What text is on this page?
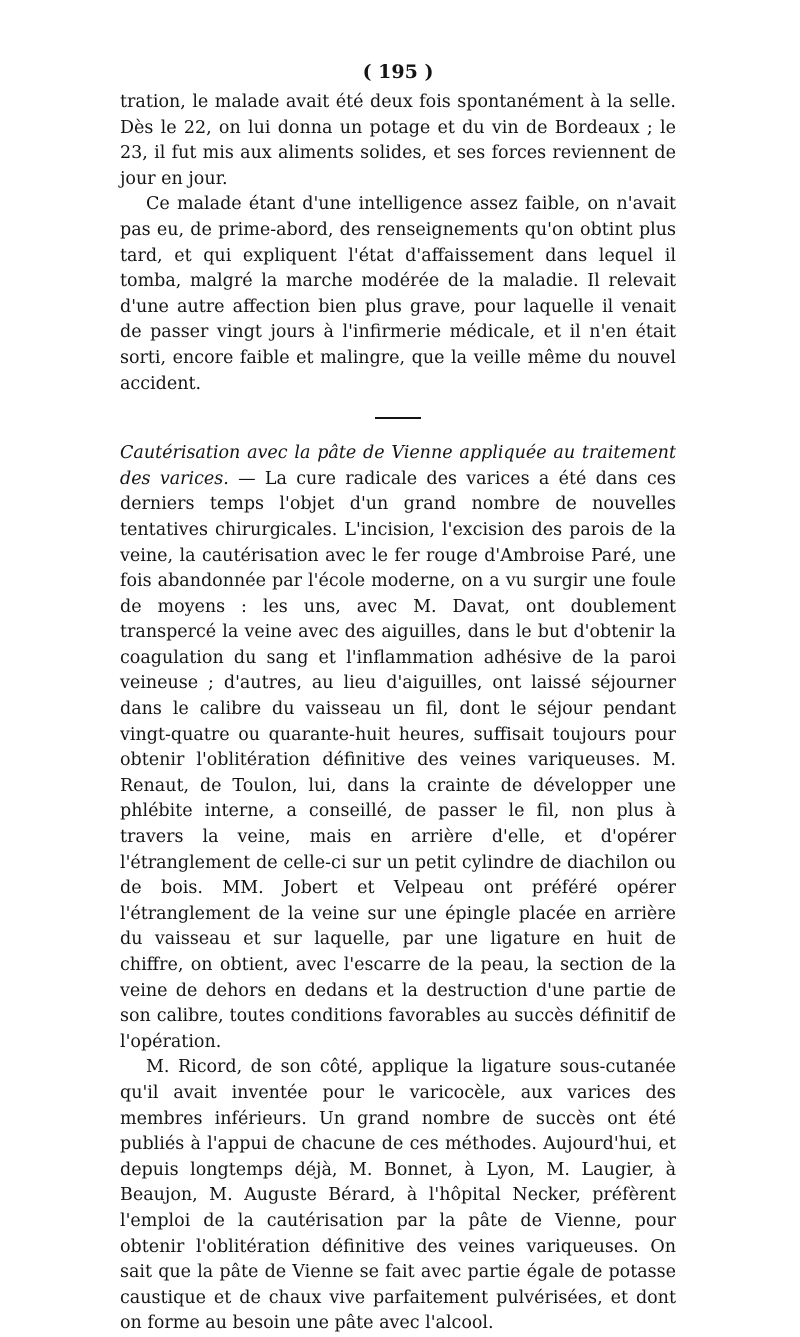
( 195 )

tration, le malade avait été deux fois spontanément à la selle. Dès le 22, on lui donna un potage et du vin de Bordeaux ; le 23, il fut mis aux aliments solides, et ses forces reviennent de jour en jour.

Ce malade étant d'une intelligence assez faible, on n'avait pas eu, de prime-abord, des renseignements qu'on obtint plus tard, et qui expliquent l'état d'affaissement dans lequel il tomba, malgré la marche modérée de la maladie. Il relevait d'une autre affection bien plus grave, pour laquelle il venait de passer vingt jours à l'infirmerie médicale, et il n'en était sorti, encore faible et malingre, que la veille même du nouvel accident.

Cautérisation avec la pâte de Vienne appliquée au traitement des varices. — La cure radicale des varices a été dans ces derniers temps l'objet d'un grand nombre de nouvelles tentatives chirurgicales. L'incision, l'excision des parois de la veine, la cautérisation avec le fer rouge d'Ambroise Paré, une fois abandonnée par l'école moderne, on a vu surgir une foule de moyens : les uns, avec M. Davat, ont doublement transpercé la veine avec des aiguilles, dans le but d'obtenir la coagulation du sang et l'inflammation adhésive de la paroi veineuse ; d'autres, au lieu d'aiguilles, ont laissé séjourner dans le calibre du vaisseau un fil, dont le séjour pendant vingt-quatre ou quarante-huit heures, suffisait toujours pour obtenir l'oblitération définitive des veines variqueuses. M. Renaut, de Toulon, lui, dans la crainte de développer une phlébite interne, a conseillé, de passer le fil, non plus à travers la veine, mais en arrière d'elle, et d'opérer l'étranglement de celle-ci sur un petit cylindre de diachilon ou de bois. MM. Jobert et Velpeau ont préféré opérer l'étranglement de la veine sur une épingle placée en arrière du vaisseau et sur laquelle, par une ligature en huit de chiffre, on obtient, avec l'escarre de la peau, la section de la veine de dehors en dedans et la destruction d'une partie de son calibre, toutes conditions favorables au succès définitif de l'opération.

M. Ricord, de son côté, applique la ligature sous-cutanée qu'il avait inventée pour le varicocèle, aux varices des membres inférieurs. Un grand nombre de succès ont été publiés à l'appui de chacune de ces méthodes. Aujourd'hui, et depuis longtemps déjà, M. Bonnet, à Lyon, M. Laugier, à Beaujon, M. Auguste Bérard, à l'hôpital Necker, préfèrent l'emploi de la cautérisation par la pâte de Vienne, pour obtenir l'oblitération définitive des veines variqueuses. On sait que la pâte de Vienne se fait avec partie égale de potasse caustique et de chaux vive parfaitement pulvérisées, et dont on forme au besoin une pâte avec l'alcool.
